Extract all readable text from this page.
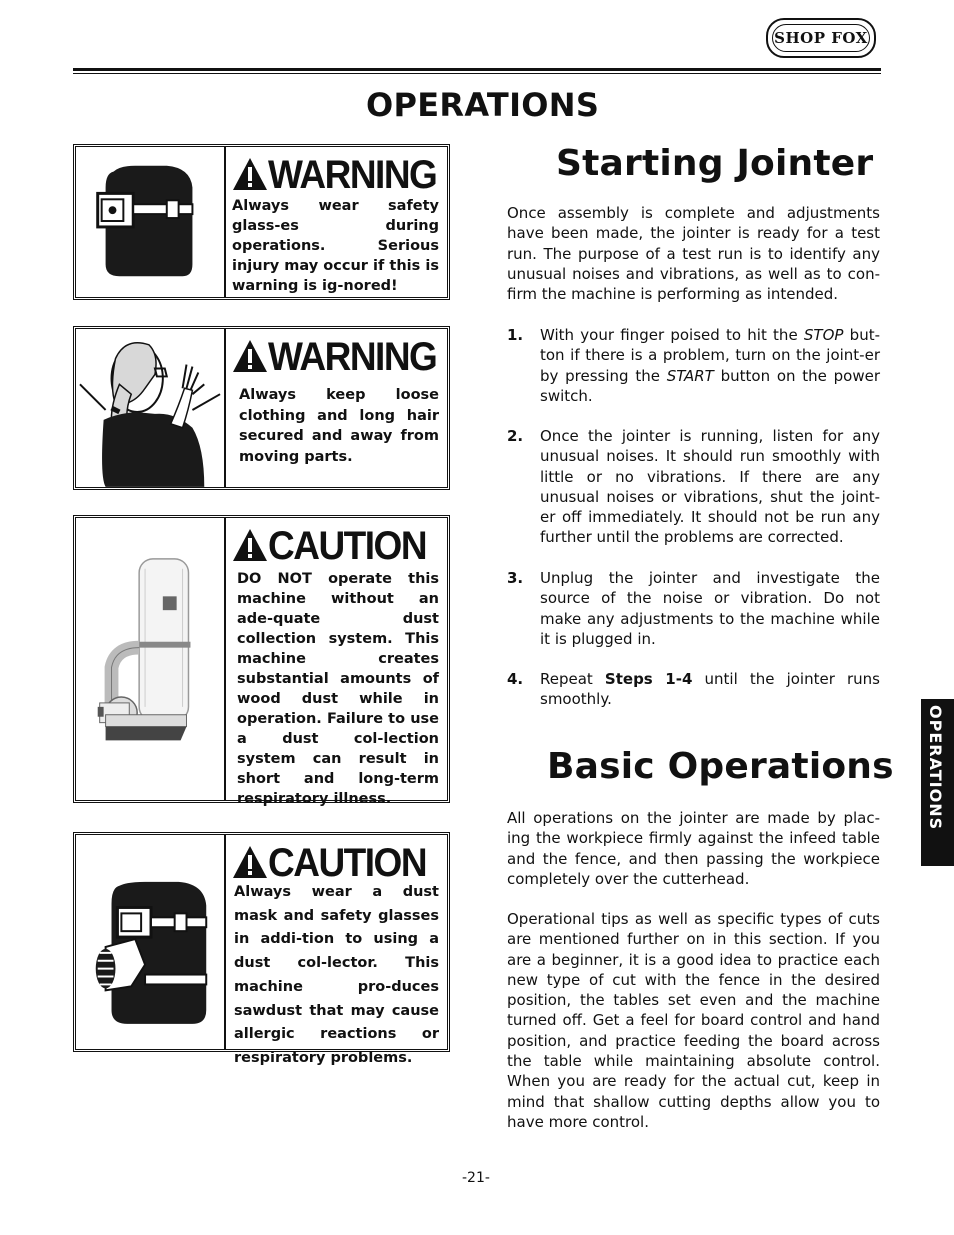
SHOP FOX
OPERATIONS
WARNING
Always wear safety glass-es during operations. Serious injury may occur if this is warning is ig-nored!
WARNING
Always keep loose clothing and long hair secured and away from moving parts.
CAUTION
DO NOT operate this machine without an ade-quate dust collection system. This machine creates substantial amounts of wood dust while in operation. Failure to use a dust col-lection system can result in short and long-term respiratory illness.
CAUTION
Always wear a dust mask and safety glasses in addi-tion to using a dust col-lector. This machine pro-duces sawdust that may cause allergic reactions or respiratory problems.
Starting Jointer
Once assembly is complete and adjustments have been made, the jointer is ready for a test run. The purpose of a test run is to identify any unusual noises and vibrations, as well as to con-firm the machine is performing as intended.
1. With your finger poised to hit the STOP but-ton if there is a problem, turn on the joint-er by pressing the START button on the power switch.
2. Once the jointer is running, listen for any unusual noises. It should run smoothly with little or no vibrations. If there are any unusual noises or vibrations, shut the joint-er off immediately. It should not be run any further until the problems are corrected.
3. Unplug the jointer and investigate the source of the noise or vibration. Do not make any adjustments to the machine while it is plugged in.
4. Repeat Steps 1-4 until the jointer runs smoothly.
Basic Operations
All operations on the jointer are made by plac-ing the workpiece firmly against the infeed table and the fence, and then passing the workpiece completely over the cutterhead.
Operational tips as well as specific types of cuts are mentioned further on in this section. If you are a beginner, it is a good idea to practice each new type of cut with the fence in the desired position, the tables set even and the machine turned off. Get a feel for board control and hand position, and practice feeding the board across the table while maintaining absolute control. When you are ready for the actual cut, keep in mind that shallow cutting depths allow you to have more control.
OPERATIONS
-21-
